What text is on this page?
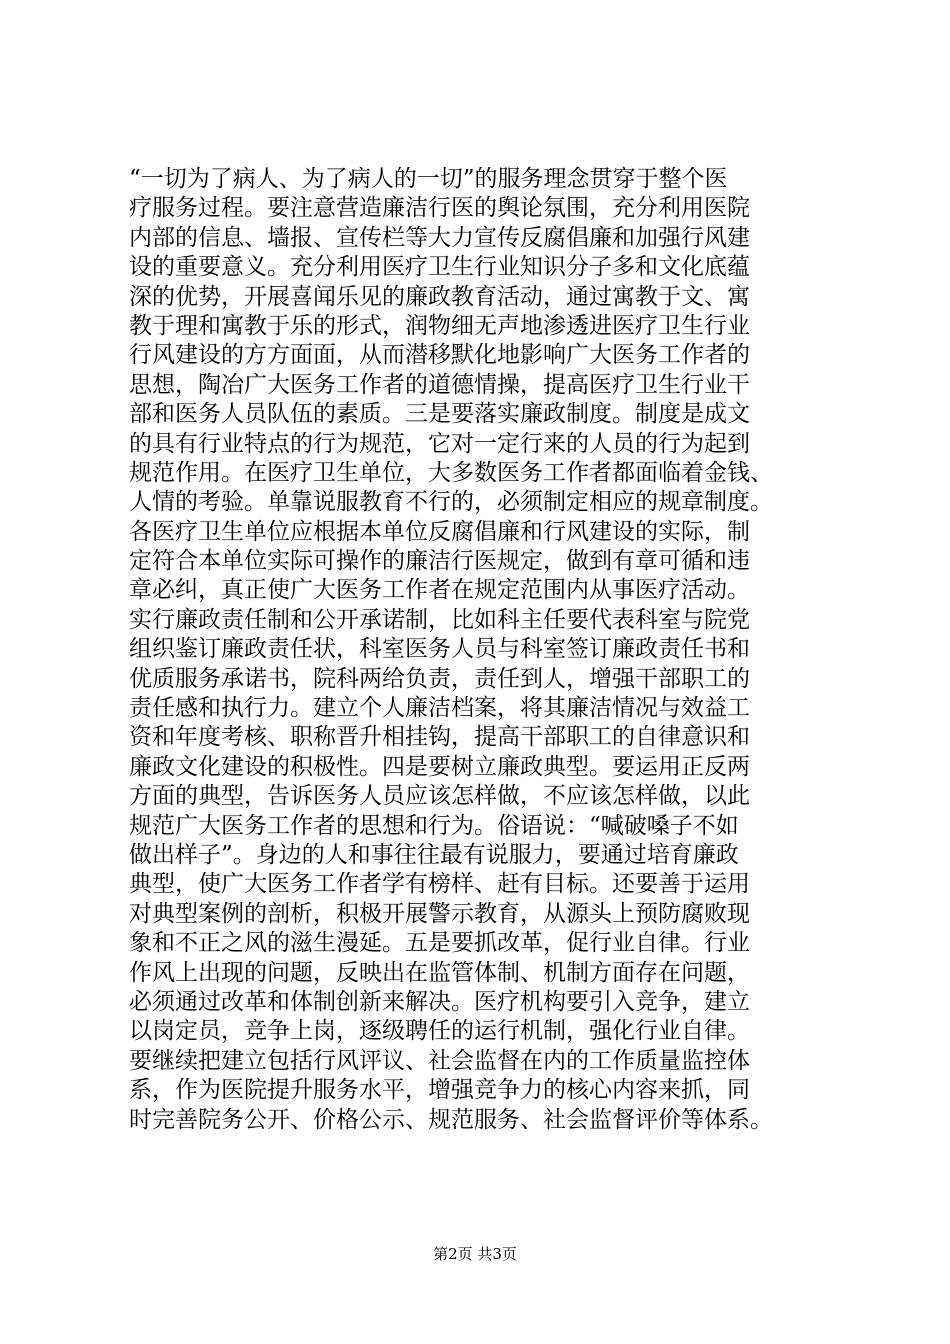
“一切为了病人、为了病人的一切”的服务理念贯穿于整个医
疗服务过程。要注意营造廉洁行医的舆论氛围，充分利用医院
内部的信息、墙报、宣传栏等大力宣传反腐倡廉和加强行风建
设的重要意义。充分利用医疗卫生行业知识分子多和文化底蕴
深的优势，开展喜闻乐见的廉政教育活动，通过寓教于文、寓
教于理和寓教于乐的形式，润物细无声地渗透进医疗卫生行业
行风建设的方方面面，从而潜移默化地影响广大医务工作者的
思想，陶冶广大医务工作者的道德情操，提高医疗卫生行业干
部和医务人员队伍的素质。三是要落实廉政制度。制度是成文
的具有行业特点的行为规范，它对一定行来的人员的行为起到
规范作用。在医疗卫生单位，大多数医务工作者都面临着金钱、
人情的考验。单靠说服教育不行的，必须制定相应的规章制度。
各医疗卫生单位应根据本单位反腐倡廉和行风建设的实际，制
定符合本单位实际可操作的廉洁行医规定，做到有章可循和违
章必纠，真正使广大医务工作者在规定范围内从事医疗活动。
实行廉政责任制和公开承诺制，比如科主任要代表科室与院党
组织鉴订廉政责任状，科室医务人员与科室签订廉政责任书和
优质服务承诺书，院科两给负责，责任到人，增强干部职工的
责任感和执行力。建立个人廉洁档案，将其廉洁情况与效益工
资和年度考核、职称晋升相挂钩，提高干部职工的自律意识和
廉政文化建设的积极性。四是要树立廉政典型。要运用正反两
方面的典型，告诉医务人员应该怎样做，不应该怎样做，以此
规范广大医务工作者的思想和行为。俗语说：“喊破嗓子不如
做出样子”。身边的人和事往往最有说服力，要通过培育廉政
典型，使广大医务工作者学有榜样、赶有目标。还要善于运用
对典型案例的剖析，积极开展警示教育，从源头上预防腐败现
象和不正之风的滋生漫延。五是要抓改革，促行业自律。行业
作风上出现的问题，反映出在监管体制、机制方面存在问题，
必须通过改革和体制创新来解决。医疗机构要引入竞争，建立
以岗定员，竞争上岗，逐级聘任的运行机制，强化行业自律。
要继续把建立包括行风评议、社会监督在内的工作质量监控体
系，作为医院提升服务水平，增强竞争力的核心内容来抓，同
时完善院务公开、价格公示、规范服务、社会监督评价等体系。
第2页 共3页
